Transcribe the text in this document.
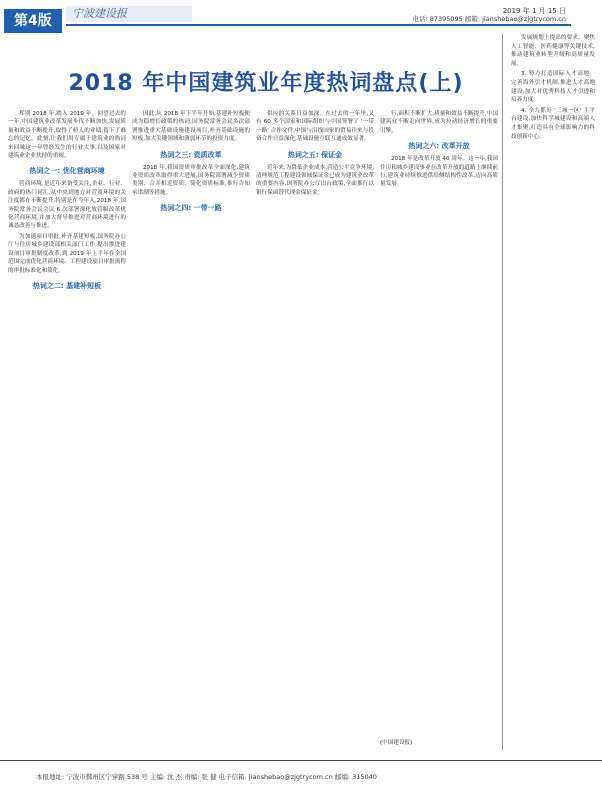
第4版	宁波建设报	2019 年 1 月 15 日
电话: 87395095 邮箱: jianshebao@zjgtrycom.cn
2018 年中国建筑业年度热词盘点(上)

挥别 2018 年,踏入 2019 年。回望过去的一年,中国建筑业改革发展步伐不断加快,发展质量和效益不断提升,取得了骄人的业绩,留下了难忘的记忆。此刻,让我们用专属于建筑业的热词来回味这一年曾经发生的行业大事,以及国家对建筑业企业扶持的重视。

热词之一: 优化营商环境

营商环境,是近年来备受关注,企业、行业、政府的热门词汇,从中央到地方对营商环境的关注度都在不断提升,特别是在今年入,2018 年,国务院常务会议会议 6 次部署深化放管服改革优化营商环境,并加大督导推进对营商环境进行的诚恳改善与推进。

为加速项目审批,补齐基建短板,国务院办公厅与住房城乡建设部相关部门工作,提出推进建设项目审批制度改革,到 2019 年上半年在全国范围完成优化营商环境、工程建设项目审批流程的审批标准化和简化。

热词之二: 基建补短板

因此,从 2018 年下半年开始,基建补短板便成为稳增长政策的热词,国务院常务会议多次部署推进重大基础设施建设项目,补齐基础设施的短板,加大关键领域和薄弱环节的投资力度。

热词之三: 资质改革

2018 年,我国资质审批改革全面深化,建筑业资质改革取得重大进展,国务院部署减少资质类别、合并相近资质、简化资质标准,推行告知承诺制等措施。

热词之四: 一带一路

供应的关系日益加深。在过去的一年里,又有 60 多个国家和国际组织与中国签署了 '一带一路' 合作文件,中国与沿线国家的贸易往来与投资合作日益深化,基础设施互联互通成效显著。

热词之五: 保证金

近年来,为降低企业成本,营造公平竞争环境,清理规范工程建设领域保证金已成为建筑业改革的重要内容,国务院办公厅出台政策,全面推行以银行保函替代现金保证金。

行,面积不断扩大,质量和效益不断提升,中国建筑业不断走向世界,成为拉动经济增长的重要引擎。

热词之六: 改革开放

2018 年是改革开放 40 周年。这一年,我国住房和城乡建设事业在改革开放的道路上继续前行,建筑业持续推进供给侧结构性改革,迈向高质量发展。

(中国建设报)

发展规划上提出的要求。聚焦人工智能、医药健康等关键技术,推动建筑业转型升级和高质量发展。

3. 努力打造国际人才高地。完善海外引才机制,推进人才高地建设,加大对优秀科技人才引进和培养力度。

4. 全力抓好 '三城一区' 主平台建设,加快科学城建设和高端人才集聚,打造具有全球影响力的科技创新中心。

本报地址: 宁波市鄞州区宁穿路 538 号 主编: 沈 杰 责编: 张 健 电子信箱: jianshebao@zjgtrycom.cn 邮编: 315040
